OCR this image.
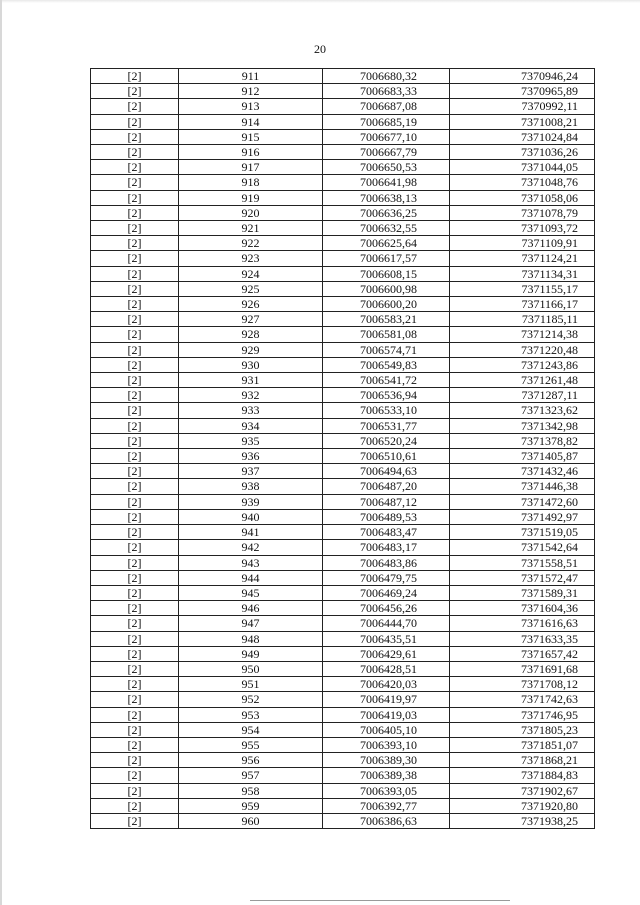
20
[2]	911	7006680,32	7370946,24
[2]	912	7006683,33	7370965,89
[2]	913	7006687,08	7370992,11
[2]	914	7006685,19	7371008,21
[2]	915	7006677,10	7371024,84
[2]	916	7006667,79	7371036,26
[2]	917	7006650,53	7371044,05
[2]	918	7006641,98	7371048,76
[2]	919	7006638,13	7371058,06
[2]	920	7006636,25	7371078,79
[2]	921	7006632,55	7371093,72
[2]	922	7006625,64	7371109,91
[2]	923	7006617,57	7371124,21
[2]	924	7006608,15	7371134,31
[2]	925	7006600,98	7371155,17
[2]	926	7006600,20	7371166,17
[2]	927	7006583,21	7371185,11
[2]	928	7006581,08	7371214,38
[2]	929	7006574,71	7371220,48
[2]	930	7006549,83	7371243,86
[2]	931	7006541,72	7371261,48
[2]	932	7006536,94	7371287,11
[2]	933	7006533,10	7371323,62
[2]	934	7006531,77	7371342,98
[2]	935	7006520,24	7371378,82
[2]	936	7006510,61	7371405,87
[2]	937	7006494,63	7371432,46
[2]	938	7006487,20	7371446,38
[2]	939	7006487,12	7371472,60
[2]	940	7006489,53	7371492,97
[2]	941	7006483,47	7371519,05
[2]	942	7006483,17	7371542,64
[2]	943	7006483,86	7371558,51
[2]	944	7006479,75	7371572,47
[2]	945	7006469,24	7371589,31
[2]	946	7006456,26	7371604,36
[2]	947	7006444,70	7371616,63
[2]	948	7006435,51	7371633,35
[2]	949	7006429,61	7371657,42
[2]	950	7006428,51	7371691,68
[2]	951	7006420,03	7371708,12
[2]	952	7006419,97	7371742,63
[2]	953	7006419,03	7371746,95
[2]	954	7006405,10	7371805,23
[2]	955	7006393,10	7371851,07
[2]	956	7006389,30	7371868,21
[2]	957	7006389,38	7371884,83
[2]	958	7006393,05	7371902,67
[2]	959	7006392,77	7371920,80
[2]	960	7006386,63	7371938,25
